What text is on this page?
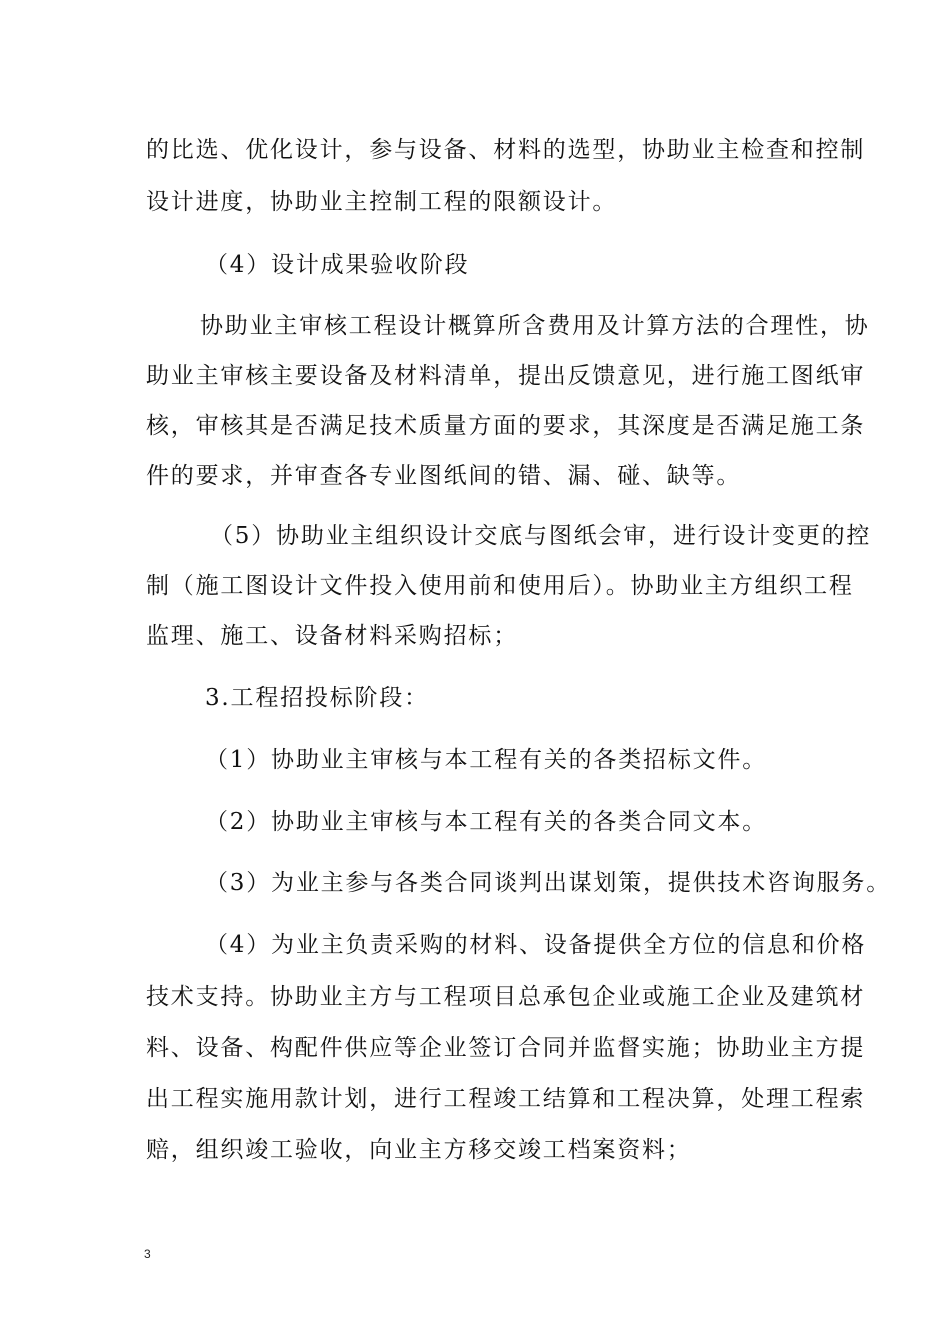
的比选、优化设计，参与设备、材料的选型，协助业主检查和控制
设计进度，协助业主控制工程的限额设计。
（4）设计成果验收阶段
协助业主审核工程设计概算所含费用及计算方法的合理性，协
助业主审核主要设备及材料清单，提出反馈意见，进行施工图纸审
核，审核其是否满足技术质量方面的要求，其深度是否满足施工条
件的要求，并审查各专业图纸间的错、漏、碰、缺等。
（5）协助业主组织设计交底与图纸会审，进行设计变更的控
制（施工图设计文件投入使用前和使用后）。协助业主方组织工程
监理、施工、设备材料采购招标；
3.工程招投标阶段：
（1）协助业主审核与本工程有关的各类招标文件。
（2）协助业主审核与本工程有关的各类合同文本。
（3）为业主参与各类合同谈判出谋划策，提供技术咨询服务。
（4）为业主负责采购的材料、设备提供全方位的信息和价格
技术支持。协助业主方与工程项目总承包企业或施工企业及建筑材
料、设备、构配件供应等企业签订合同并监督实施；协助业主方提
出工程实施用款计划，进行工程竣工结算和工程决算，处理工程索
赔，组织竣工验收，向业主方移交竣工档案资料；
3
